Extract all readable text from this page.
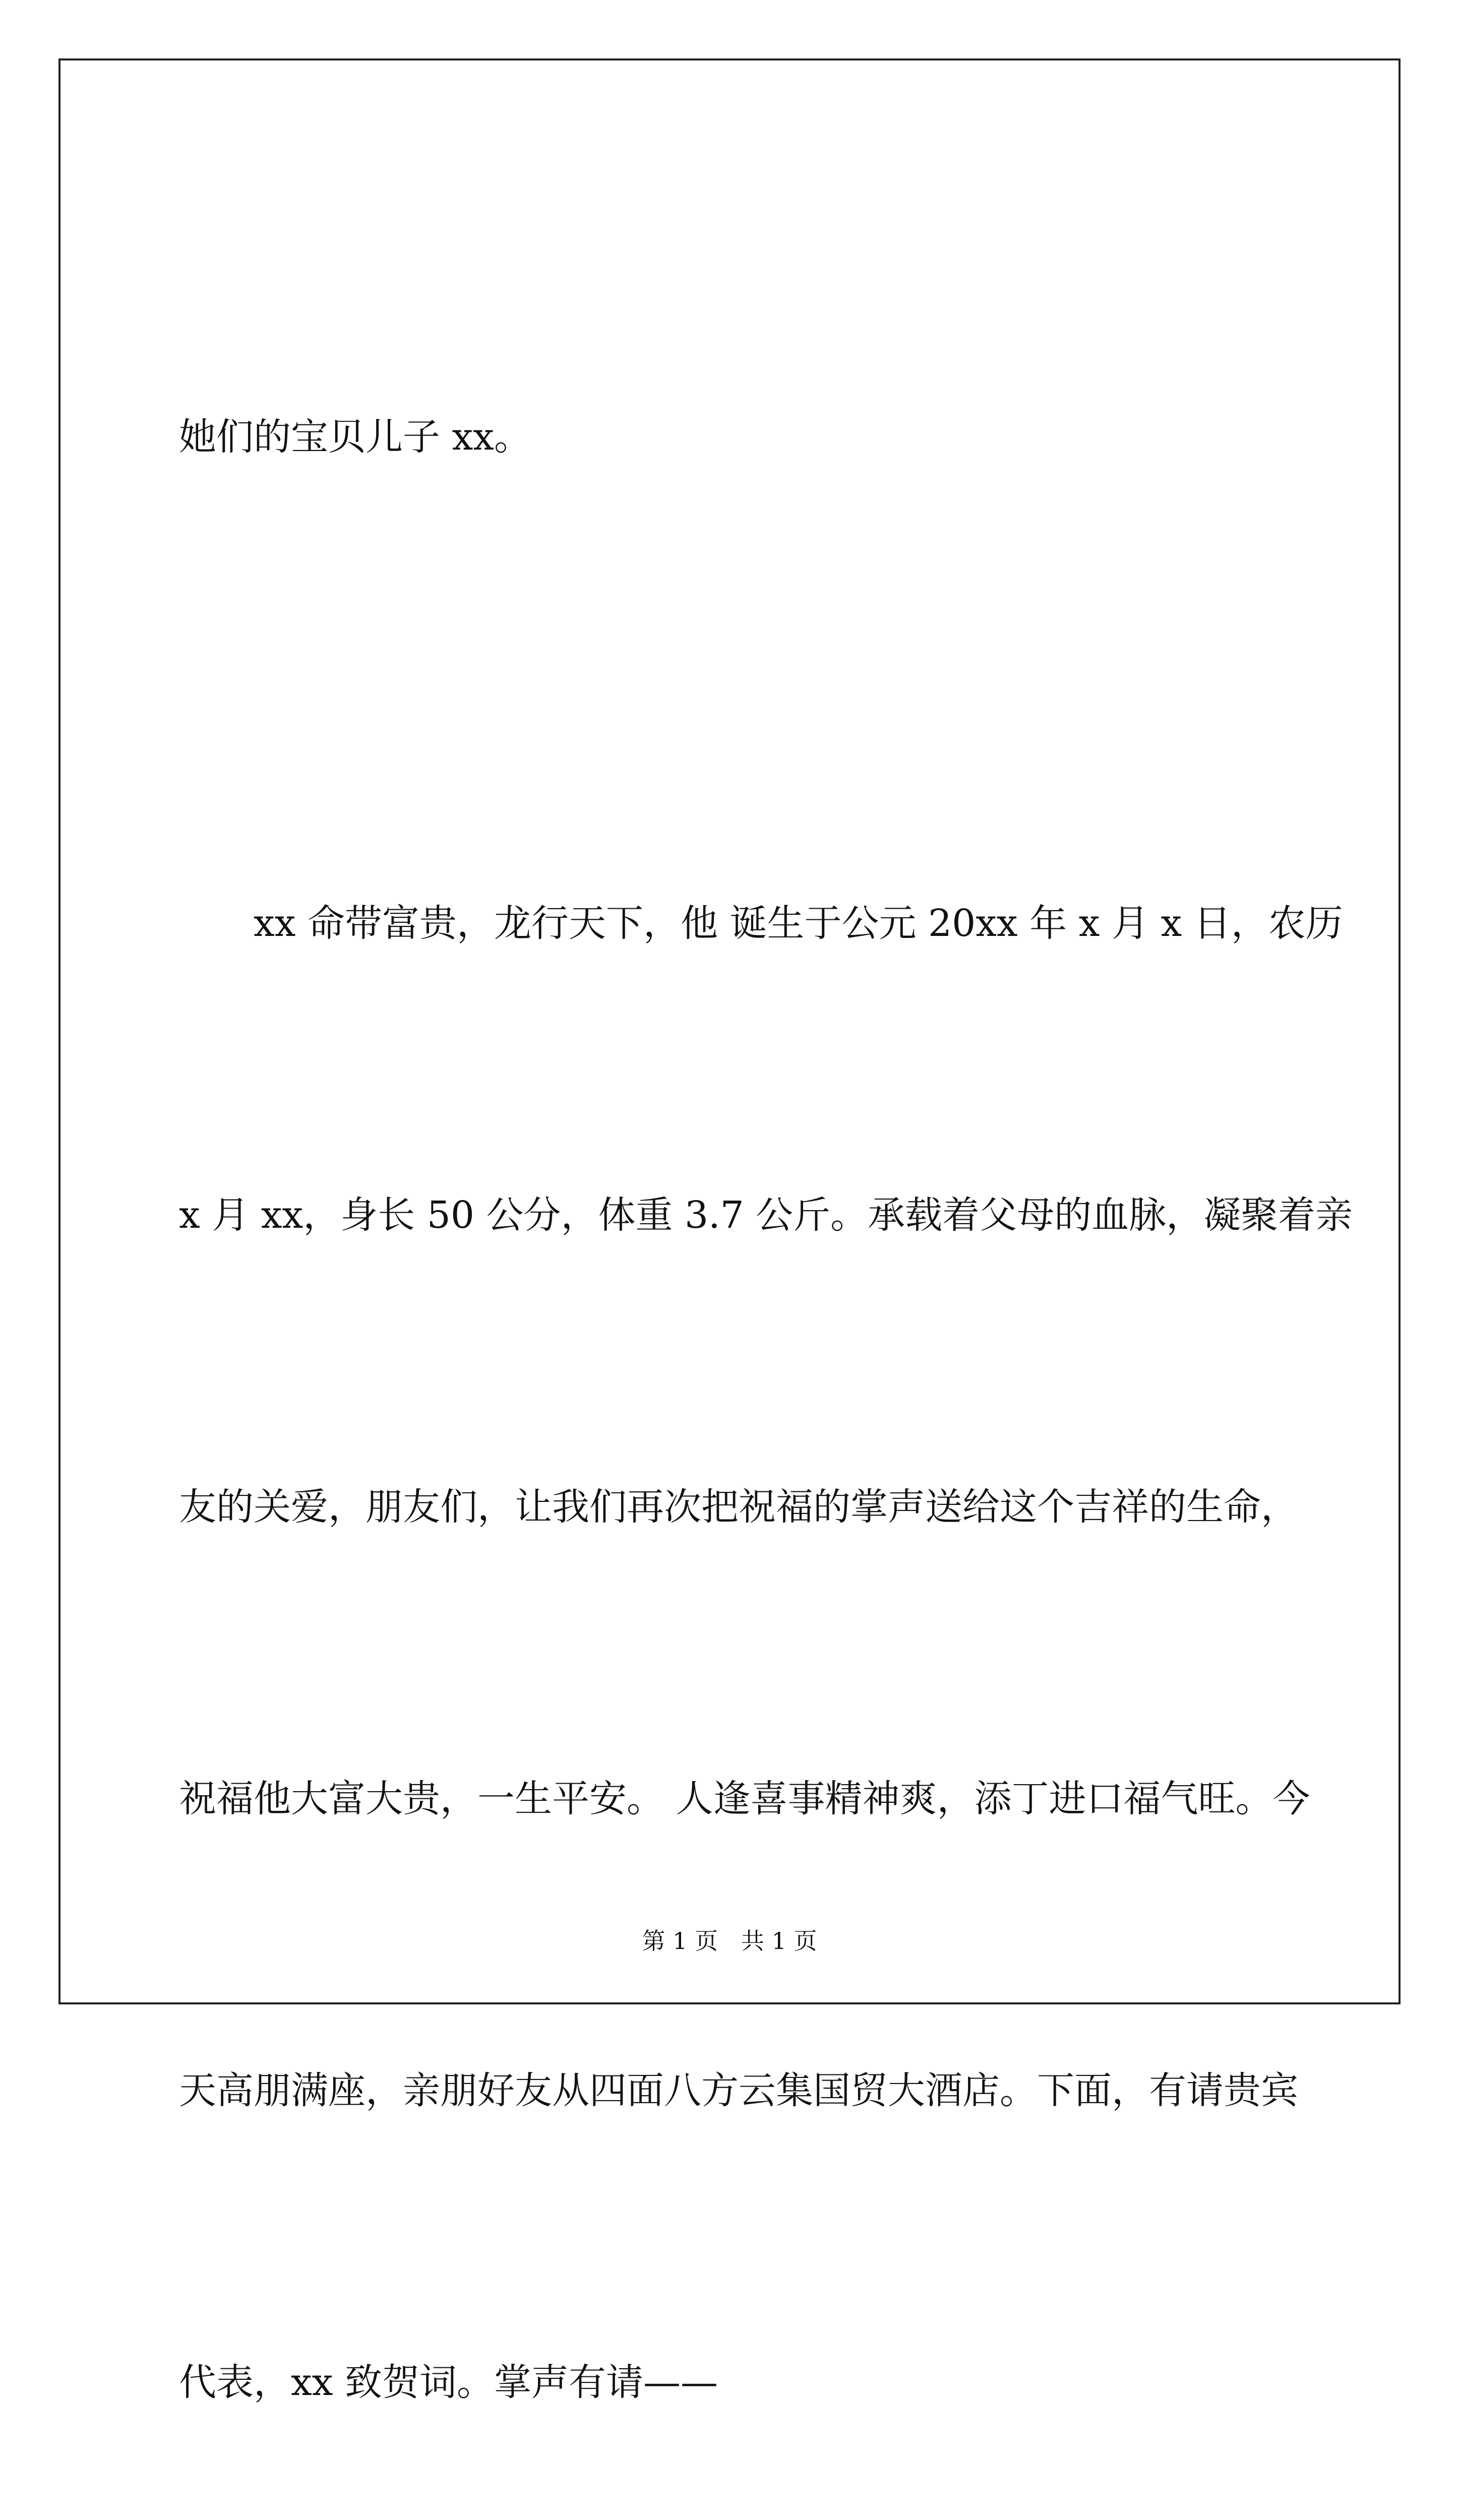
她们的宝贝儿子 xx。

　　xx 命带富贵，龙行天下，他 诞生于公元 20xx 年 x 月 x 日，农历

x 月 xx，身长 50 公分，体重 3.7 公斤。承载着父母的血脉，凝聚着亲

友的关爱，朋友们，让我们再次把祝福的掌声送给这个吉祥的生命，

祝福他大富大贵，一生平安。 人逢喜事精神爽，添丁进口福气旺。今

天高朋满座，亲朋好友从四面八方云集国贸大酒店。下面，有请贵宾

代表，xx 致贺词。掌声有请——

第 1 页　共 1 页
